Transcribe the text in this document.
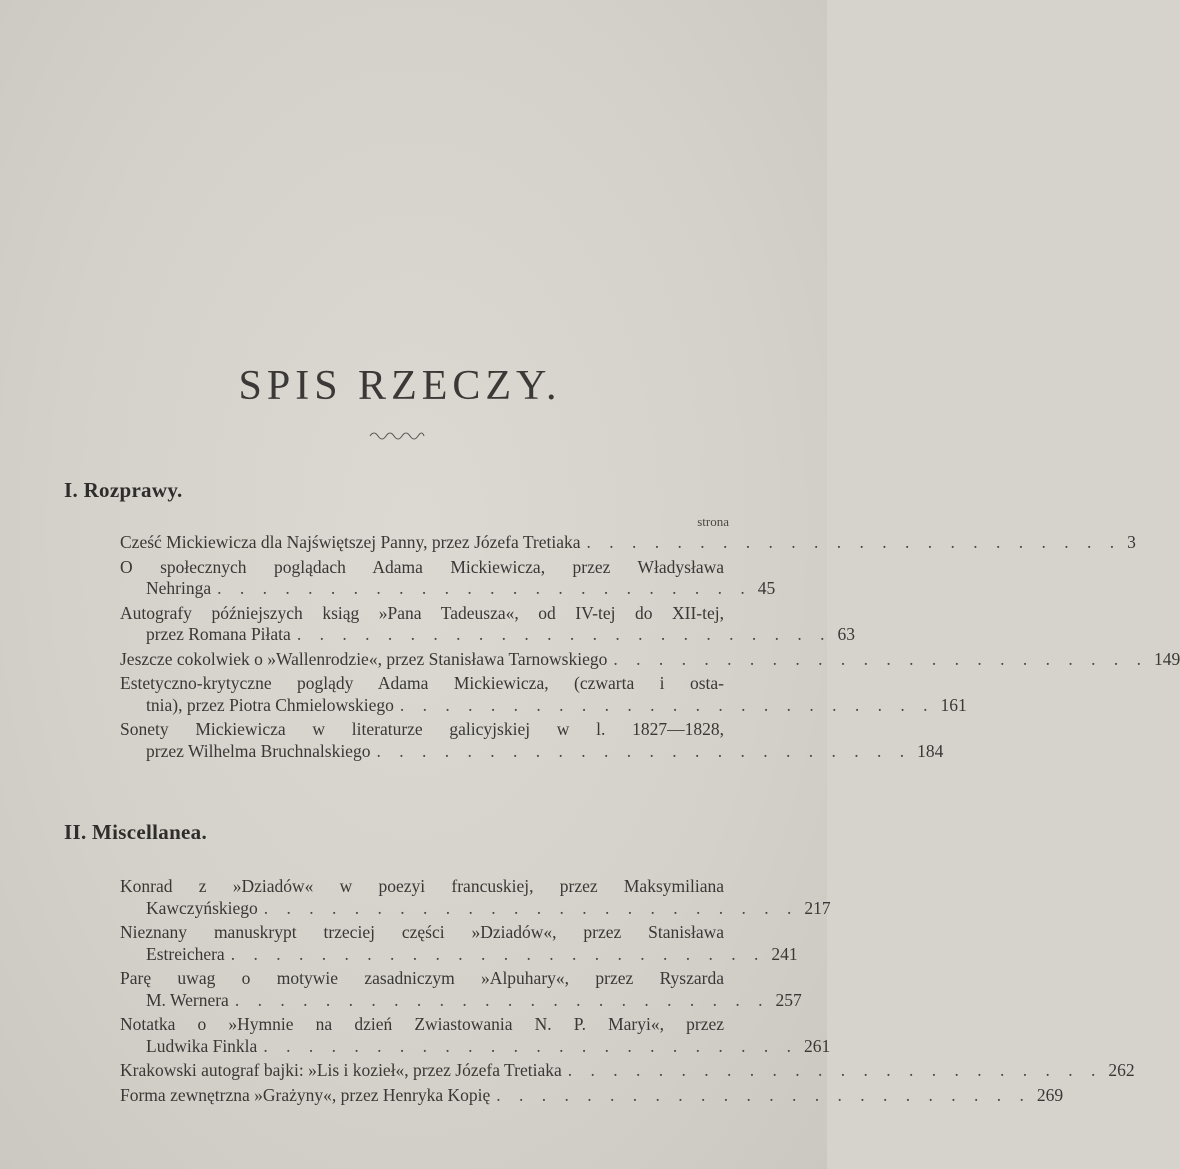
SPIS RZECZY.
I. Rozprawy.
strona
Cześć Mickiewicza dla Najświętszej Panny, przez Józefa Tretiaka . . . . . . . . . . . . . . . . . . . . . . . . 3
O społecznych poglądach Adama Mickiewicza, przez Władysława
Nehringa . . . . . . . . . . . . . . . . . . . . . . . . 45
Autografy późniejszych ksiąg »Pana Tadeusza«, od IV-tej do XII-tej,
przez Romana Piłata . . . . . . . . . . . . . . . . . . . . . . . . 63
Jeszcze cokolwiek o »Wallenrodzie«, przez Stanisława Tarnowskiego . . . . . . . . . . . . . . . . . . . . . . . . 149
Estetyczno-krytyczne poglądy Adama Mickiewicza, (czwarta i osta-
tnia), przez Piotra Chmielowskiego . . . . . . . . . . . . . . . . . . . . . . . . 161
Sonety Mickiewicza w literaturze galicyjskiej w l. 1827—1828,
przez Wilhelma Bruchnalskiego . . . . . . . . . . . . . . . . . . . . . . . . 184
II. Miscellanea.
Konrad z »Dziadów« w poezyi francuskiej, przez Maksymiliana
Kawczyńskiego . . . . . . . . . . . . . . . . . . . . . . . . 217
Nieznany manuskrypt trzeciej części »Dziadów«, przez Stanisława
Estreichera . . . . . . . . . . . . . . . . . . . . . . . . 241
Parę uwag o motywie zasadniczym »Alpuhary«, przez Ryszarda
M. Wernera . . . . . . . . . . . . . . . . . . . . . . . . 257
Notatka o »Hymnie na dzień Zwiastowania N. P. Maryi«, przez
Ludwika Finkla . . . . . . . . . . . . . . . . . . . . . . . . 261
Krakowski autograf bajki: »Lis i kozieł«, przez Józefa Tretiaka . . . . . . . . . . . . . . . . . . . . . . . . 262
Forma zewnętrzna »Grażyny«, przez Henryka Kopię . . . . . . . . . . . . . . . . . . . . . . . . 269
